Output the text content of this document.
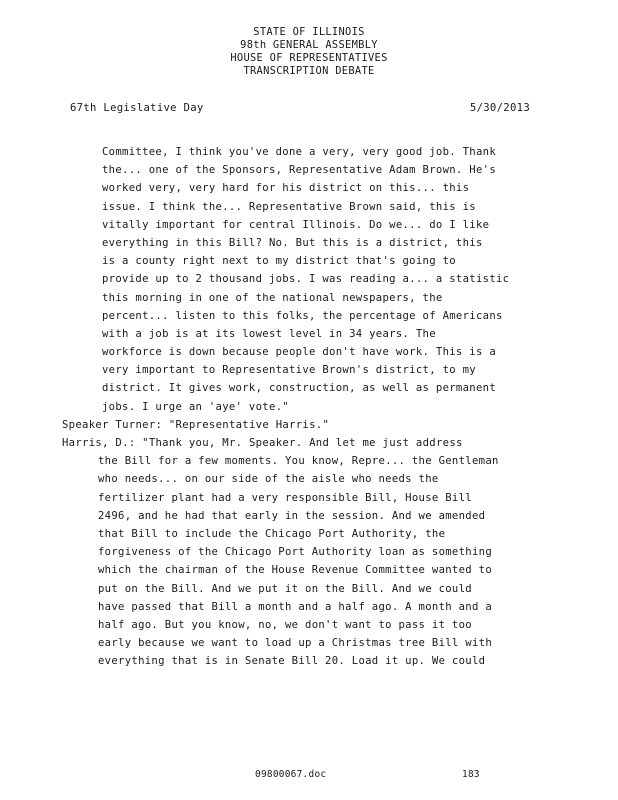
STATE OF ILLINOIS
98th GENERAL ASSEMBLY
HOUSE OF REPRESENTATIVES
TRANSCRIPTION DEBATE
67th Legislative Day	5/30/2013
Committee, I think you've done a very, very good job. Thank
the... one of the Sponsors, Representative Adam Brown. He's
worked very, very hard for his district on this... this
issue. I think the... Representative Brown said, this is
vitally important for central Illinois. Do we... do I like
everything in this Bill? No. But this is a district, this
is a county right next to my district that's going to
provide up to 2 thousand jobs. I was reading a... a statistic
this morning in one of the national newspapers, the
percent... listen to this folks, the percentage of Americans
with a job is at its lowest level in 34 years. The
workforce is down because people don't have work. This is a
very important to Representative Brown's district, to my
district. It gives work, construction, as well as permanent
jobs. I urge an 'aye' vote."
Speaker Turner: "Representative Harris."
Harris, D.: "Thank you, Mr. Speaker. And let me just address
the Bill for a few moments. You know, Repre... the Gentleman
who needs... on our side of the aisle who needs the
fertilizer plant had a very responsible Bill, House Bill
2496, and he had that early in the session. And we amended
that Bill to include the Chicago Port Authority, the
forgiveness of the Chicago Port Authority loan as something
which the chairman of the House Revenue Committee wanted to
put on the Bill. And we put it on the Bill. And we could
have passed that Bill a month and a half ago. A month and a
half ago. But you know, no, we don't want to pass it too
early because we want to load up a Christmas tree Bill with
everything that is in Senate Bill 20. Load it up. We could
09800067.doc	183
